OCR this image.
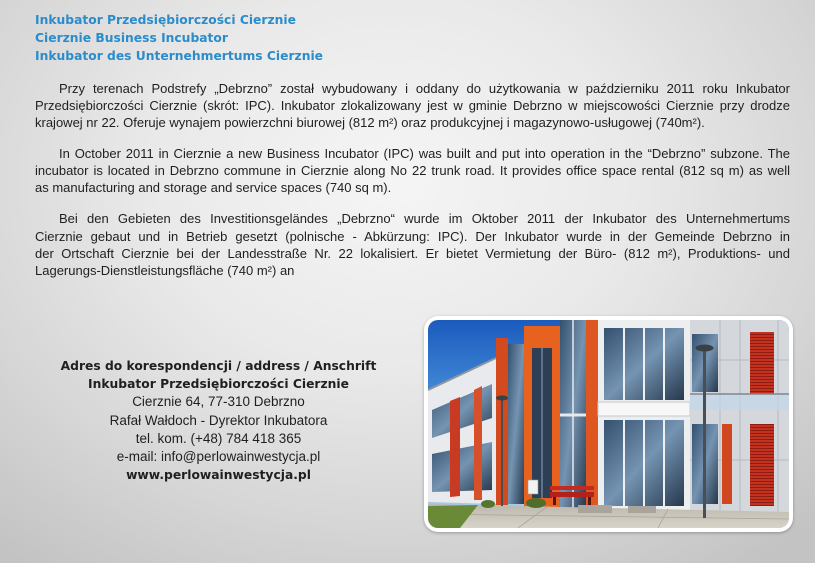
Inkubator Przedsiębiorczości Cierznie
Cierznie Business Incubator
Inkubator des Unternehmertums Cierznie
Przy terenach Podstrefy „Debrzno” został wybudowany i oddany do użytkowania w październiku 2011 roku Inkubator
Przedsiębiorczości Cierznie (skrót: IPC). Inkubator zlokalizowany jest w gminie Debrzno w miejscowości Cierznie przy drodze
krajowej nr 22. Oferuje wynajem powierzchni biurowej (812 m²) oraz produkcyjnej i magazynowo-usługowej (740m²).
In October 2011 in Cierznie a new Business Incubator (IPC) was built and put into operation in the “Debrzno” subzone. The
incubator is located in Debrzno commune in Cierznie along No 22 trunk road. It provides office space rental (812 sq m) as well
as manufacturing and storage and service spaces (740 sq m).
Bei den Gebieten des Investitionsgeländes „Debrzno“ wurde im Oktober 2011 der Inkubator des Unternehmertums
Cierznie gebaut und in Betrieb gesetzt (polnische - Abkürzung: IPC). Der Inkubator wurde in der Gemeinde Debrzno in
der Ortschaft Cierznie bei der Landesstraße Nr. 22 lokalisiert. Er bietet Vermietung der Büro- (812 m²), Produktions- und
Lagerungs-Dienstleistungsfläche (740 m²) an
Adres do korespondencji / address / Anschrift
Inkubator Przedsiębiorczości Cierznie
Cierznie 64, 77-310 Debrzno
Rafał Wałdoch - Dyrektor Inkubatora
tel. kom. (+48) 784 418 365
e-mail: info@perlowainwestycja.pl
www.perlowainwestycja.pl
